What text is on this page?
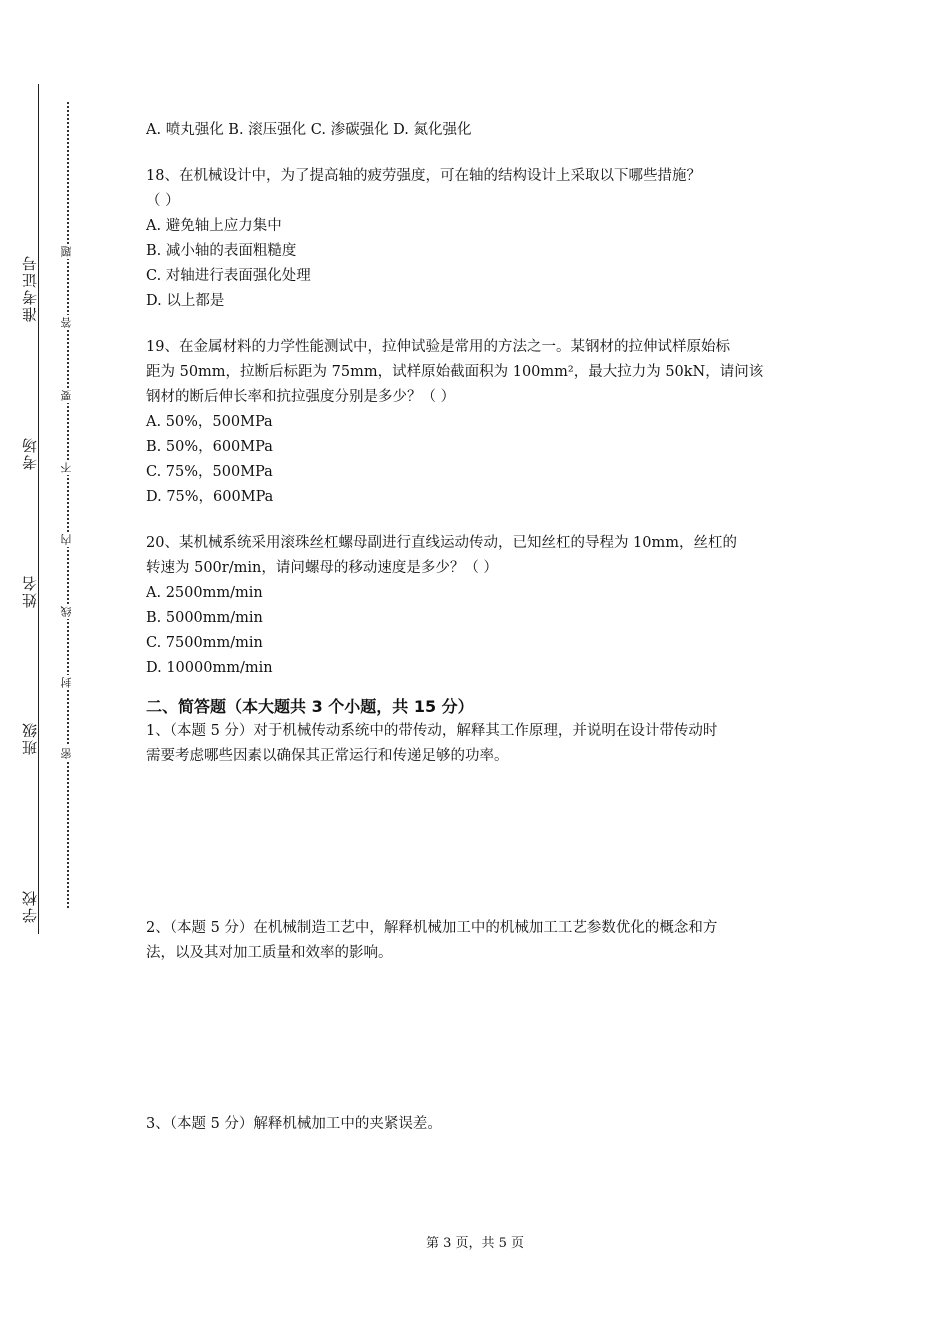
准考证号
考场
姓名
班级
学校
题
答
要
不
内
线
封
密
A. 喷丸强化 B. 滚压强化 C. 渗碳强化 D. 氮化强化
18、在机械设计中，为了提高轴的疲劳强度，可在轴的结构设计上采取以下哪些措施？
（ ）
A. 避免轴上应力集中
B. 减小轴的表面粗糙度
C. 对轴进行表面强化处理
D. 以上都是
19、在金属材料的力学性能测试中，拉伸试验是常用的方法之一。某钢材的拉伸试样原始标
距为 50mm，拉断后标距为 75mm，试样原始截面积为 100mm²，最大拉力为 50kN，请问该
钢材的断后伸长率和抗拉强度分别是多少？（ ）
A. 50%，500MPa
B. 50%，600MPa
C. 75%，500MPa
D. 75%，600MPa
20、某机械系统采用滚珠丝杠螺母副进行直线运动传动，已知丝杠的导程为 10mm，丝杠的
转速为 500r/min，请问螺母的移动速度是多少？（ ）
A. 2500mm/min
B. 5000mm/min
C. 7500mm/min
D. 10000mm/min
二、简答题（本大题共 3 个小题，共 15 分）
1、（本题 5 分）对于机械传动系统中的带传动，解释其工作原理，并说明在设计带传动时
需要考虑哪些因素以确保其正常运行和传递足够的功率。
2、（本题 5 分）在机械制造工艺中，解释机械加工中的机械加工工艺参数优化的概念和方
法，以及其对加工质量和效率的影响。
3、（本题 5 分）解释机械加工中的夹紧误差。
第 3 页，共 5 页
